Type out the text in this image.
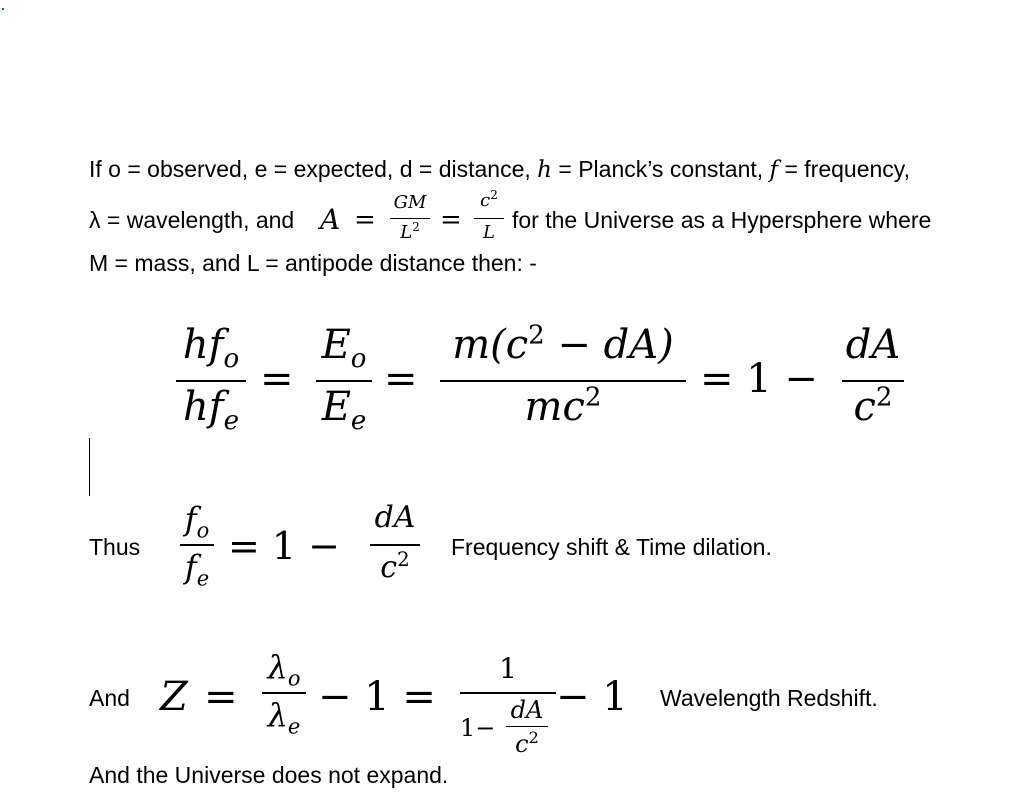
If o = observed, e = expected, d = distance, h = Planck’s constant, f = frequency,
λ = wavelength, and A =
GM
$L^2$ =
$c^2$
L for the Universe as a Hypersphere where
M = mass, and L = antipode distance then: -
$hf_o$
$hf_e$
=
$E_o$
$E_e$
=
$m(c^2 - dA)$
$mc^2$	= 1 −
dA
$c^2$
Thus
$f_o$
$f_e$
= 1 −
dA
$c^2$	Frequency shift & Time dilation.
And Z =
$\lambda_o$
$\lambda_e$
− 1 =
1
1−
dA
$c^2$
− 1 Wavelength Redshift.
And the Universe does not expand.
